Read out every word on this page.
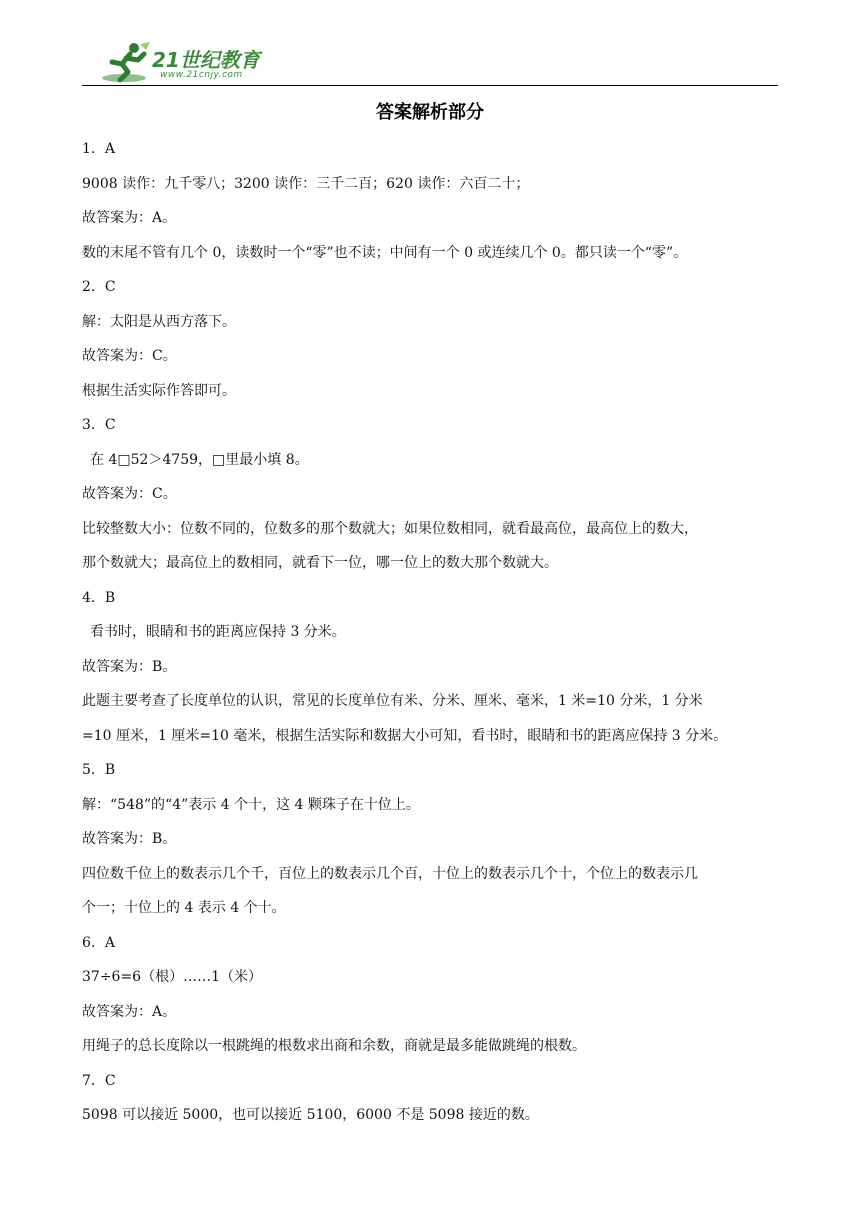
21世纪教育
www.21cnjy.com
答案解析部分
1．A
9008 读作：九千零八；3200 读作：三千二百；620 读作：六百二十；
故答案为：A。
数的末尾不管有几个 0，读数时一个“零”也不读；中间有一个 0 或连续几个 0。都只读一个“零”。
2．C
解：太阳是从西方落下。
故答案为：C。
根据生活实际作答即可。
3．C
在 4□52＞4759，□里最小填 8。
故答案为：C。
比较整数大小：位数不同的，位数多的那个数就大；如果位数相同，就看最高位，最高位上的数大，
那个数就大；最高位上的数相同，就看下一位，哪一位上的数大那个数就大。
4．B
看书时，眼睛和书的距离应保持 3 分米。
故答案为：B。
此题主要考查了长度单位的认识，常见的长度单位有米、分米、厘米、毫米，1 米=10 分米，1 分米
=10 厘米，1 厘米=10 毫米，根据生活实际和数据大小可知，看书时，眼睛和书的距离应保持 3 分米。
5．B
解：“548”的“4”表示 4 个十，这 4 颗珠子在十位上。
故答案为：B。
四位数千位上的数表示几个千，百位上的数表示几个百，十位上的数表示几个十，个位上的数表示几
个一；十位上的 4 表示 4 个十。
6．A
37÷6=6（根）……1（米）
故答案为：A。
用绳子的总长度除以一根跳绳的根数求出商和余数，商就是最多能做跳绳的根数。
7．C
5098 可以接近 5000，也可以接近 5100，6000 不是 5098 接近的数。
